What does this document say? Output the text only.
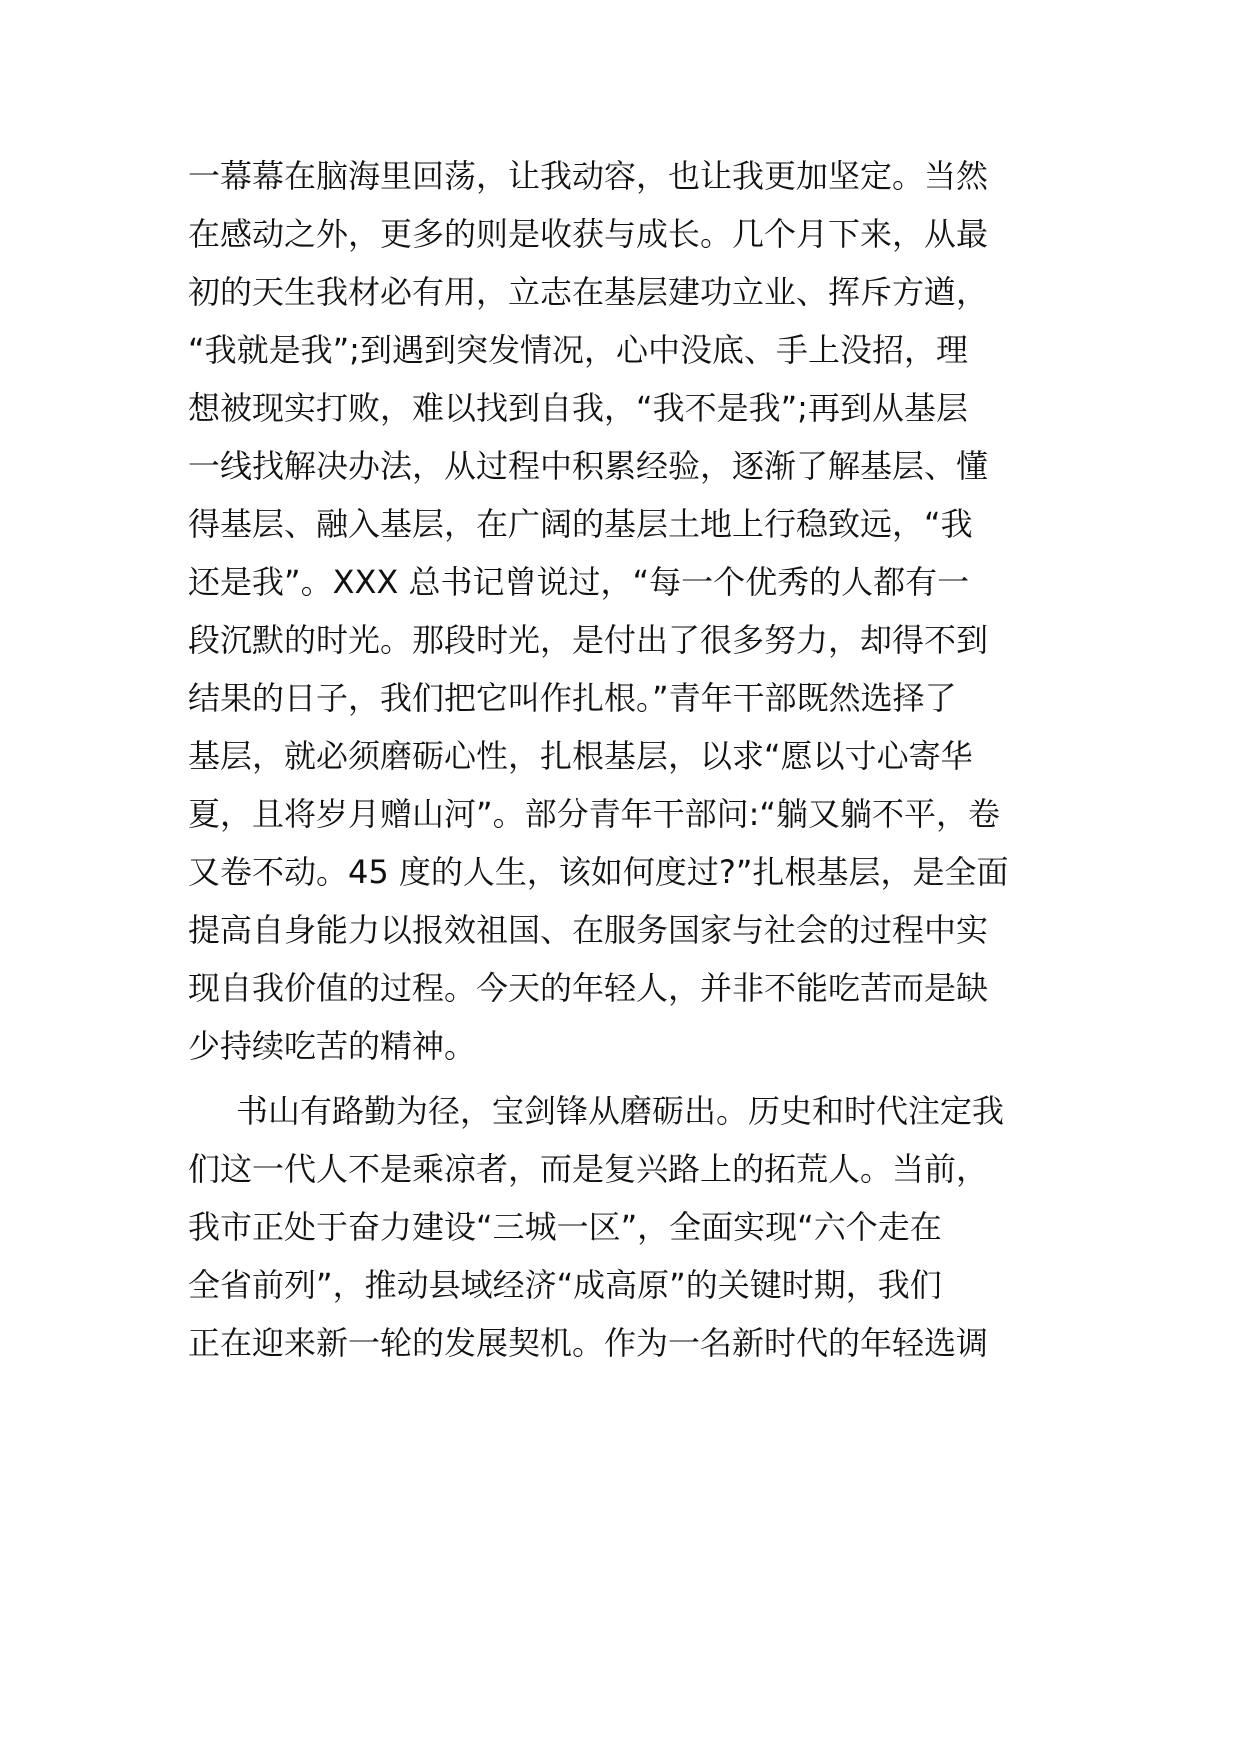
一幕幕在脑海里回荡，让我动容，也让我更加坚定。当然

在感动之外，更多的则是收获与成长。几个月下来，从最

初的天生我材必有用，立志在基层建功立业、挥斥方遒，

“我就是我”;到遇到突发情况，心中没底、手上没招，理

想被现实打败，难以找到自我，“我不是我”;再到从基层

一线找解决办法，从过程中积累经验，逐渐了解基层、懂

得基层、融入基层，在广阔的基层土地上行稳致远，“我

还是我”。XXX 总书记曾说过，“每一个优秀的人都有一

段沉默的时光。那段时光，是付出了很多努力，却得不到

结果的日子，我们把它叫作扎根。”青年干部既然选择了

基层，就必须磨砺心性，扎根基层，以求“愿以寸心寄华

夏，且将岁月赠山河”。部分青年干部问:“躺又躺不平，卷

又卷不动。45 度的人生，该如何度过?”扎根基层，是全面

提高自身能力以报效祖国、在服务国家与社会的过程中实

现自我价值的过程。今天的年轻人，并非不能吃苦而是缺

少持续吃苦的精神。

书山有路勤为径，宝剑锋从磨砺出。历史和时代注定我

们这一代人不是乘凉者，而是复兴路上的拓荒人。当前，

我市正处于奋力建设“三城一区”，全面实现“六个走在

全省前列”，推动县域经济“成高原”的关键时期，我们

正在迎来新一轮的发展契机。作为一名新时代的年轻选调
